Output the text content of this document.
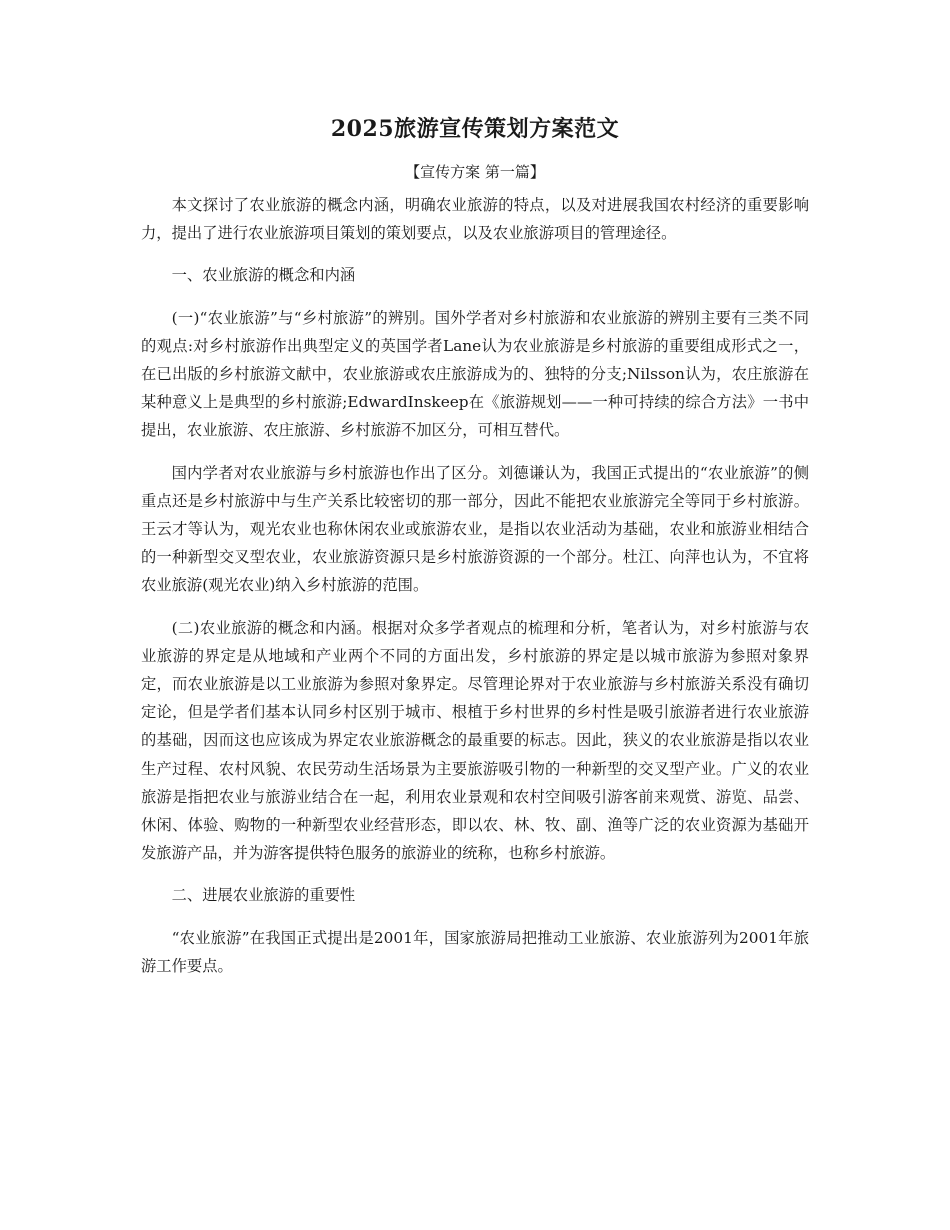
2025旅游宣传策划方案范文
【宣传方案 第一篇】

本文探讨了农业旅游的概念内涵，明确农业旅游的特点，以及对进展我国农村经济的重要影响力，提出了进行农业旅游项目策划的策划要点，以及农业旅游项目的管理途径。

一、农业旅游的概念和内涵

(一)“农业旅游”与“乡村旅游”的辨别。国外学者对乡村旅游和农业旅游的辨别主要有三类不同的观点:对乡村旅游作出典型定义的英国学者Lane认为农业旅游是乡村旅游的重要组成形式之一，在已出版的乡村旅游文献中，农业旅游或农庄旅游成为的、独特的分支;Nilsson认为，农庄旅游在某种意义上是典型的乡村旅游;EdwardInskeep在《旅游规划——一种可持续的综合方法》一书中提出，农业旅游、农庄旅游、乡村旅游不加区分，可相互替代。

国内学者对农业旅游与乡村旅游也作出了区分。刘德谦认为，我国正式提出的“农业旅游”的侧重点还是乡村旅游中与生产关系比较密切的那一部分，因此不能把农业旅游完全等同于乡村旅游。王云才等认为，观光农业也称休闲农业或旅游农业，是指以农业活动为基础，农业和旅游业相结合的一种新型交叉型农业，农业旅游资源只是乡村旅游资源的一个部分。杜江、向萍也认为，不宜将农业旅游(观光农业)纳入乡村旅游的范围。

(二)农业旅游的概念和内涵。根据对众多学者观点的梳理和分析，笔者认为，对乡村旅游与农业旅游的界定是从地域和产业两个不同的方面出发，乡村旅游的界定是以城市旅游为参照对象界定，而农业旅游是以工业旅游为参照对象界定。尽管理论界对于农业旅游与乡村旅游关系没有确切定论，但是学者们基本认同乡村区别于城市、根植于乡村世界的乡村性是吸引旅游者进行农业旅游的基础，因而这也应该成为界定农业旅游概念的最重要的标志。因此，狭义的农业旅游是指以农业生产过程、农村风貌、农民劳动生活场景为主要旅游吸引物的一种新型的交叉型产业。广义的农业旅游是指把农业与旅游业结合在一起，利用农业景观和农村空间吸引游客前来观赏、游览、品尝、休闲、体验、购物的一种新型农业经营形态，即以农、林、牧、副、渔等广泛的农业资源为基础开发旅游产品，并为游客提供特色服务的旅游业的统称，也称乡村旅游。

二、进展农业旅游的重要性

“农业旅游”在我国正式提出是2001年，国家旅游局把推动工业旅游、农业旅游列为2001年旅游工作要点。
